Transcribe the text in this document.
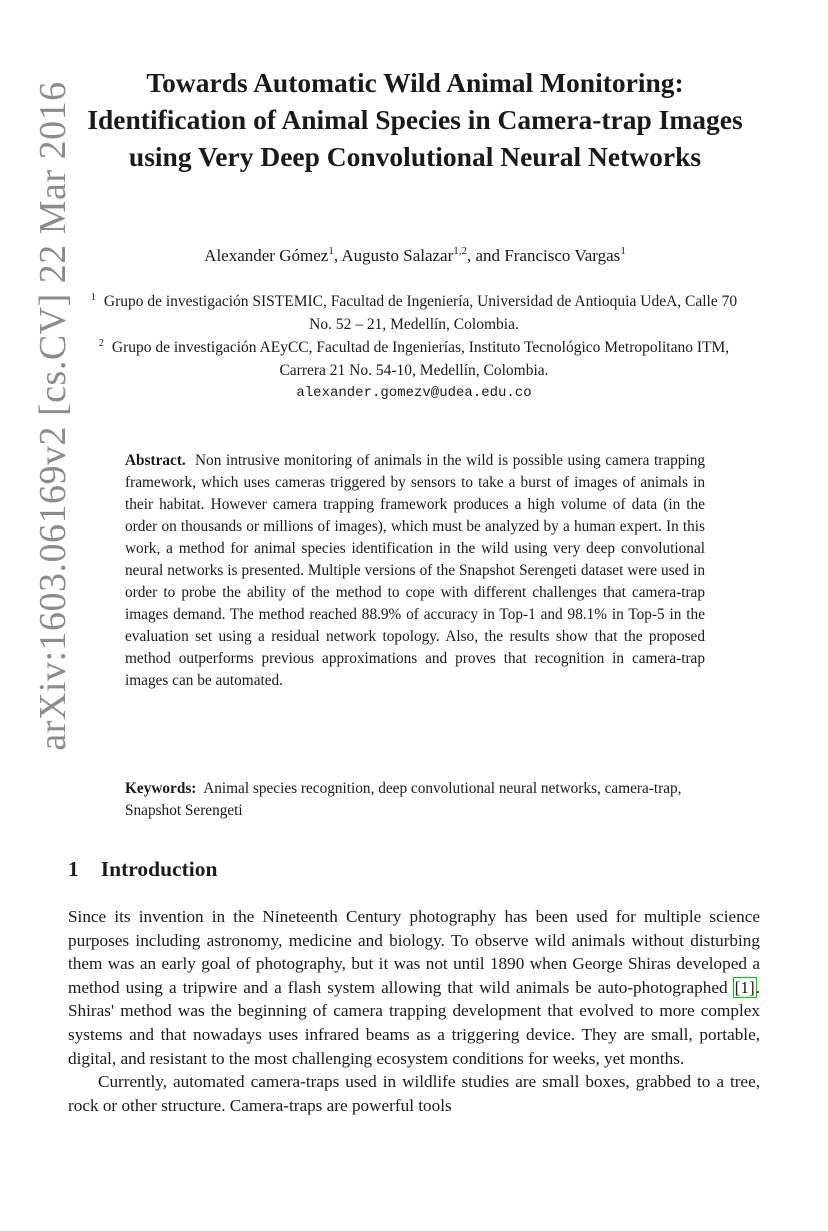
arXiv:1603.06169v2 [cs.CV] 22 Mar 2016	Towards Automatic Wild Animal Monitoring: Identification of Animal Species in Camera-trap Images using Very Deep Convolutional Neural Networks
Alexander Gómez$^1$, Augusto Salazar$^{1,2}$, and Francisco Vargas$^1$
$^1$ Grupo de investigación SISTEMIC, Facultad de Ingeniería, Universidad de Antioquia UdeA, Calle 70 No. 52 – 21, Medellín, Colombia.
$^2$ Grupo de investigación AEyCC, Facultad de Ingenierías, Instituto Tecnológico Metropolitano ITM, Carrera 21 No. 54-10, Medellín, Colombia.
alexander.gomezv@udea.edu.co

Abstract. Non intrusive monitoring of animals in the wild is possible using camera trapping framework, which uses cameras triggered by sensors to take a burst of images of animals in their habitat. However camera trapping framework produces a high volume of data (in the order on thousands or millions of images), which must be analyzed by a human expert. In this work, a method for animal species identification in the wild using very deep convolutional neural networks is presented. Multiple versions of the Snapshot Serengeti dataset were used in order to probe the ability of the method to cope with different challenges that camera-trap images demand. The method reached 88.9% of accuracy in Top-1 and 98.1% in Top-5 in the evaluation set using a residual network topology. Also, the results show that the proposed method outperforms previous approximations and proves that recognition in camera-trap images can be automated.

Keywords: Animal species recognition, deep convolutional neural networks, camera-trap, Snapshot Serengeti

1 Introduction

Since its invention in the Nineteenth Century photography has been used for multiple science purposes including astronomy, medicine and biology. To observe wild animals without disturbing them was an early goal of photography, but it was not until 1890 when George Shiras developed a method using a tripwire and a flash system allowing that wild animals be auto-photographed [1]. Shiras' method was the beginning of camera trapping development that evolved to more complex systems and that nowadays uses infrared beams as a triggering device. They are small, portable, digital, and resistant to the most challenging ecosystem conditions for weeks, yet months.

Currently, automated camera-traps used in wildlife studies are small boxes, grabbed to a tree, rock or other structure. Camera-traps are powerful tools
